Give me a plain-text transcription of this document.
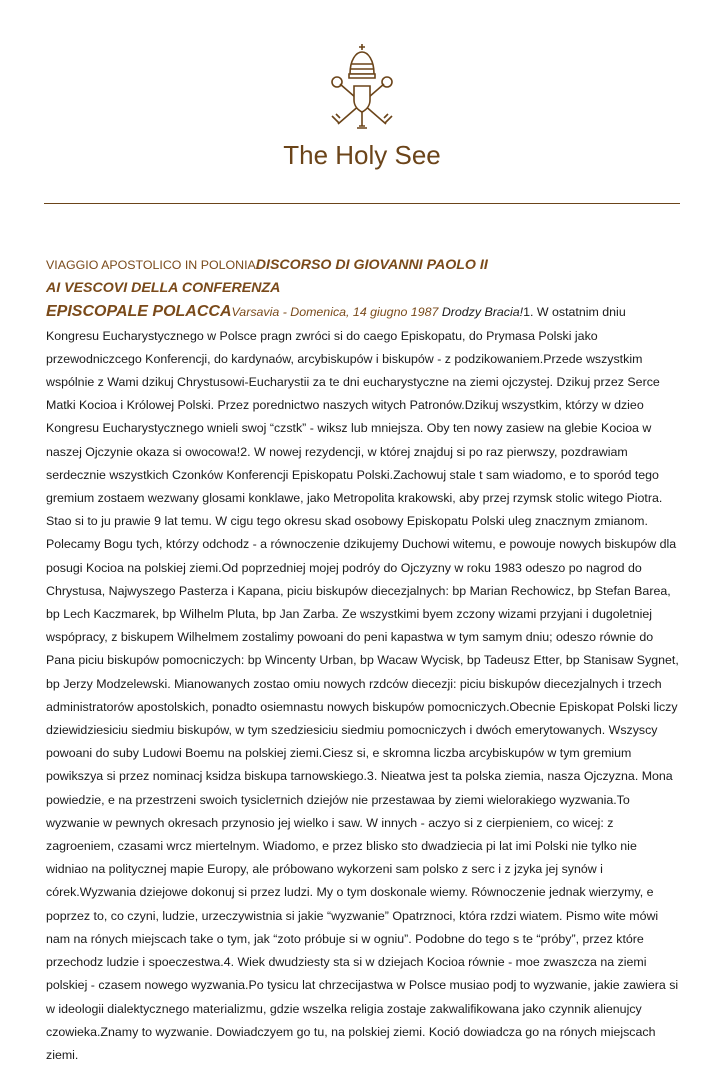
The Holy See
VIAGGIO APOSTOLICO IN POLONIADISCORSO DI GIOVANNI PAOLO II
AI VESCOVI DELLA CONFERENZA
EPISCOPALE POLACCAVarsavia - Domenica, 14 giugno 1987 Drodzy Bracia!1. W ostatnim dniu Kongresu Eucharystycznego w Polsce pragn zwróci si do caego Episkopatu, do Prymasa Polski jako przewodniczcego Konferencji, do kardynaów, arcybiskupów i biskupów - z podzikowaniem.Przede wszystkim wspólnie z Wami dzikuj Chrystusowi-Eucharystii za te dni eucharystyczne na ziemi ojczystej. Dzikuj przez Serce Matki Kocioa i Królowej Polski. Przez porednictwo naszych witych Patronów.Dzikuj wszystkim, którzy w dzieo Kongresu Eucharystycznego wnieli swoj “czstk” - wiksz lub mniejsza. Oby ten nowy zasiew na glebie Kocioa w naszej Ojczynie okaza si owocowa!2. W nowej rezydencji, w której znajduj si po raz pierwszy, pozdrawiam serdecznie wszystkich Czonków Konferencji Episkopatu Polski.Zachowuj stale t sam wiadomo, e to sporód tego gremium zostaem wezwany glosami konklawe, jako Metropolita krakowski, aby przej rzymsk stolic witego Piotra. Stao si to ju prawie 9 lat temu. W cigu tego okresu skad osobowy Episkopatu Polski uleg znacznym zmianom. Polecamy Bogu tych, którzy odchodz - a równoczenie dzikujemy Duchowi witemu, e powouje nowych biskupów dla posugi Kocioa na polskiej ziemi.Od poprzedniej mojej podróy do Ojczyzny w roku 1983 odeszo po nagrod do Chrystusa, Najwyszego Pasterza i Kapana, piciu biskupów diecezjalnych: bp Marian Rechowicz, bp Stefan Barea, bp Lech Kaczmarek, bp Wilhelm Pluta, bp Jan Zarba. Ze wszystkimi byem zczony wizami przyjani i dugoletniej wspópracy, z biskupem Wilhelmem zostalimy powoani do peni kapastwa w tym samym dniu; odeszo równie do Pana piciu biskupów pomocniczych: bp Wincenty Urban, bp Wacaw Wycisk, bp Tadeusz Etter, bp Stanisaw Sygnet, bp Jerzy Modzelewski. Mianowanych zostao omiu nowych rzdców diecezji: piciu biskupów diecezjalnych i trzech administratorów apostolskich, ponadto osiemnastu nowych biskupów pomocniczych.Obecnie Episkopat Polski liczy dziewidziesiciu siedmiu biskupów, w tym szedziesiciu siedmiu pomocniczych i dwóch emerytowanych. Wszyscy powoani do suby Ludowi Boemu na polskiej ziemi.Ciesz si, e skromna liczba arcybiskupów w tym gremium powikszya si przez nominacj ksidza biskupa tarnowskiego.3. Nieatwa jest ta polska ziemia, nasza Ojczyzna. Mona powiedzie, e na przestrzeni swoich tysiclетnich dziejów nie przestawaa by ziemi wielorakiego wyzwania.To wyzwanie w pewnych okresach przynosio jej wielko i saw. W innych - aczyo si z cierpieniem, co wicej: z zagroeniem, czasami wrcz miertelnym. Wiadomo, e przez blisko sto dwadziecia pi lat imi Polski nie tylko nie widniao na politycznej mapie Europy, ale próbowano wykorzeni sam polsko z serc i z jzyka jej synów i córek.Wyzwania dziejowe dokonuj si przez ludzi. My o tym doskonale wiemy. Równoczenie jednak wierzymy, e poprzez to, co czyni, ludzie, urzeczywistnia si jakie “wyzwanie” Opatrznoci, która rzdzi wiatem. Pismo wite mówi nam na rónych miejscach take o tym, jak “zoto próbuje si w ogniu”. Podobne do tego s te “próby”, przez które przechodz ludzie i spoeczestwa.4. Wiek dwudziesty sta si w dziejach Kocioa równie - moe zwaszcza na ziemi polskiej - czasem nowego wyzwania.Po tysicu lat chrzecijastwa w Polsce musiao podj to wyzwanie, jakie zawiera si w ideologii dialektycznego materializmu, gdzie wszelka religia zostaje zakwalifikowana jako czynnik alienujcy czowieka.Znamy to wyzwanie. Dowiadczyem go tu, na polskiej ziemi. Koció dowiadcza go na rónych miejscach ziemi.
